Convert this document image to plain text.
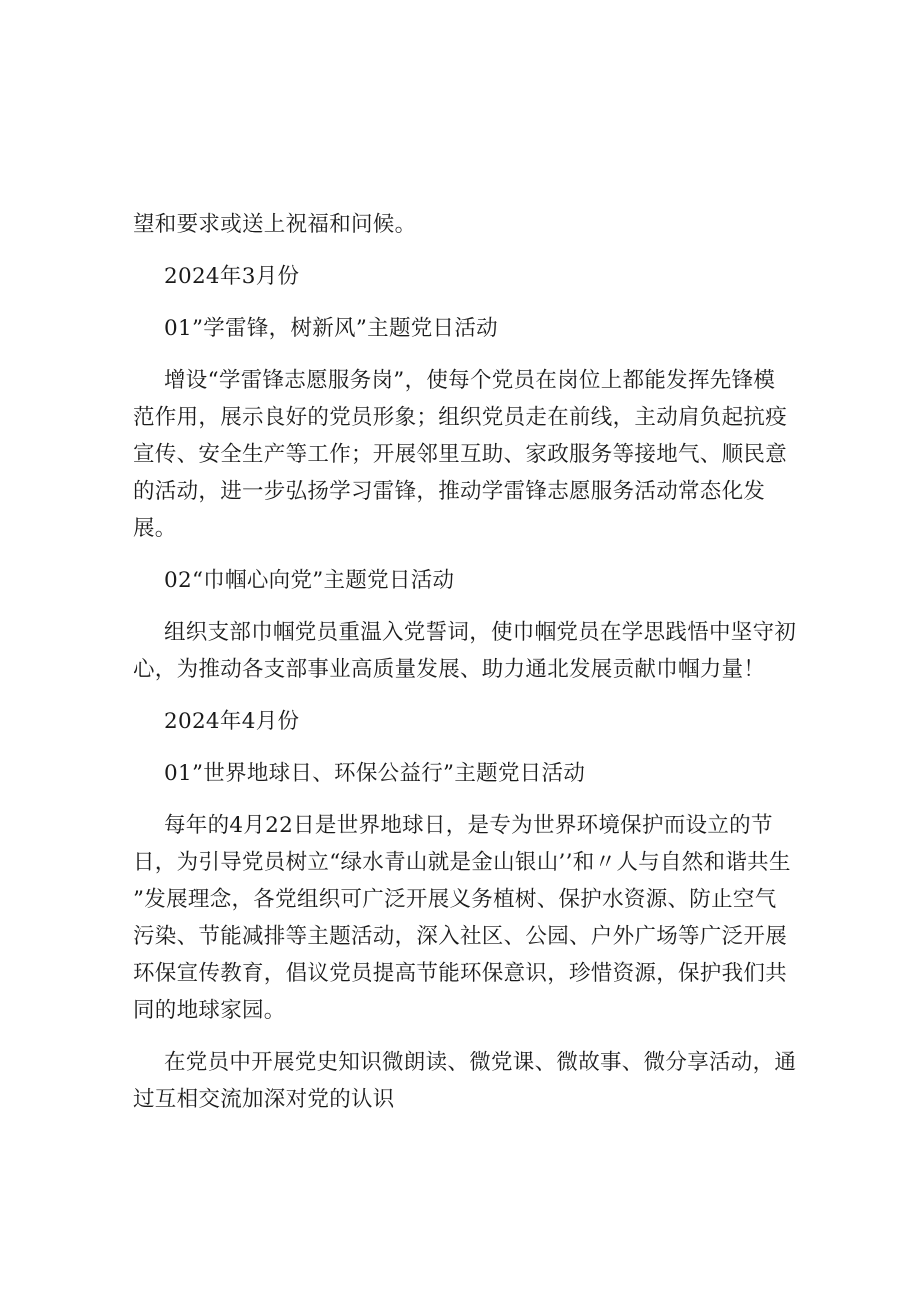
望和要求或送上祝福和问候。
2024年3月份
01”学雷锋，树新风”主题党日活动
增设“学雷锋志愿服务岗”，使每个党员在岗位上都能发挥先锋模
范作用，展示良好的党员形象；组织党员走在前线，主动肩负起抗疫
宣传、安全生产等工作；开展邻里互助、家政服务等接地气、顺民意
的活动，进一步弘扬学习雷锋，推动学雷锋志愿服务活动常态化发
展。
02“巾帼心向党”主题党日活动
组织支部巾帼党员重温入党誓词，使巾帼党员在学思践悟中坚守初
心，为推动各支部事业高质量发展、助力通北发展贡献巾帼力量！
2024年4月份
01”世界地球日、环保公益行”主题党日活动
每年的4月22日是世界地球日，是专为世界环境保护而设立的节
日，为引导党员树立“绿水青山就是金山银山’’和〃人与自然和谐共生
”发展理念，各党组织可广泛开展义务植树、保护水资源、防止空气
污染、节能减排等主题活动，深入社区、公园、户外广场等广泛开展
环保宣传教育，倡议党员提高节能环保意识，珍惜资源，保护我们共
同的地球家园。
在党员中开展党史知识微朗读、微党课、微故事、微分享活动，通
过互相交流加深对党的认识
